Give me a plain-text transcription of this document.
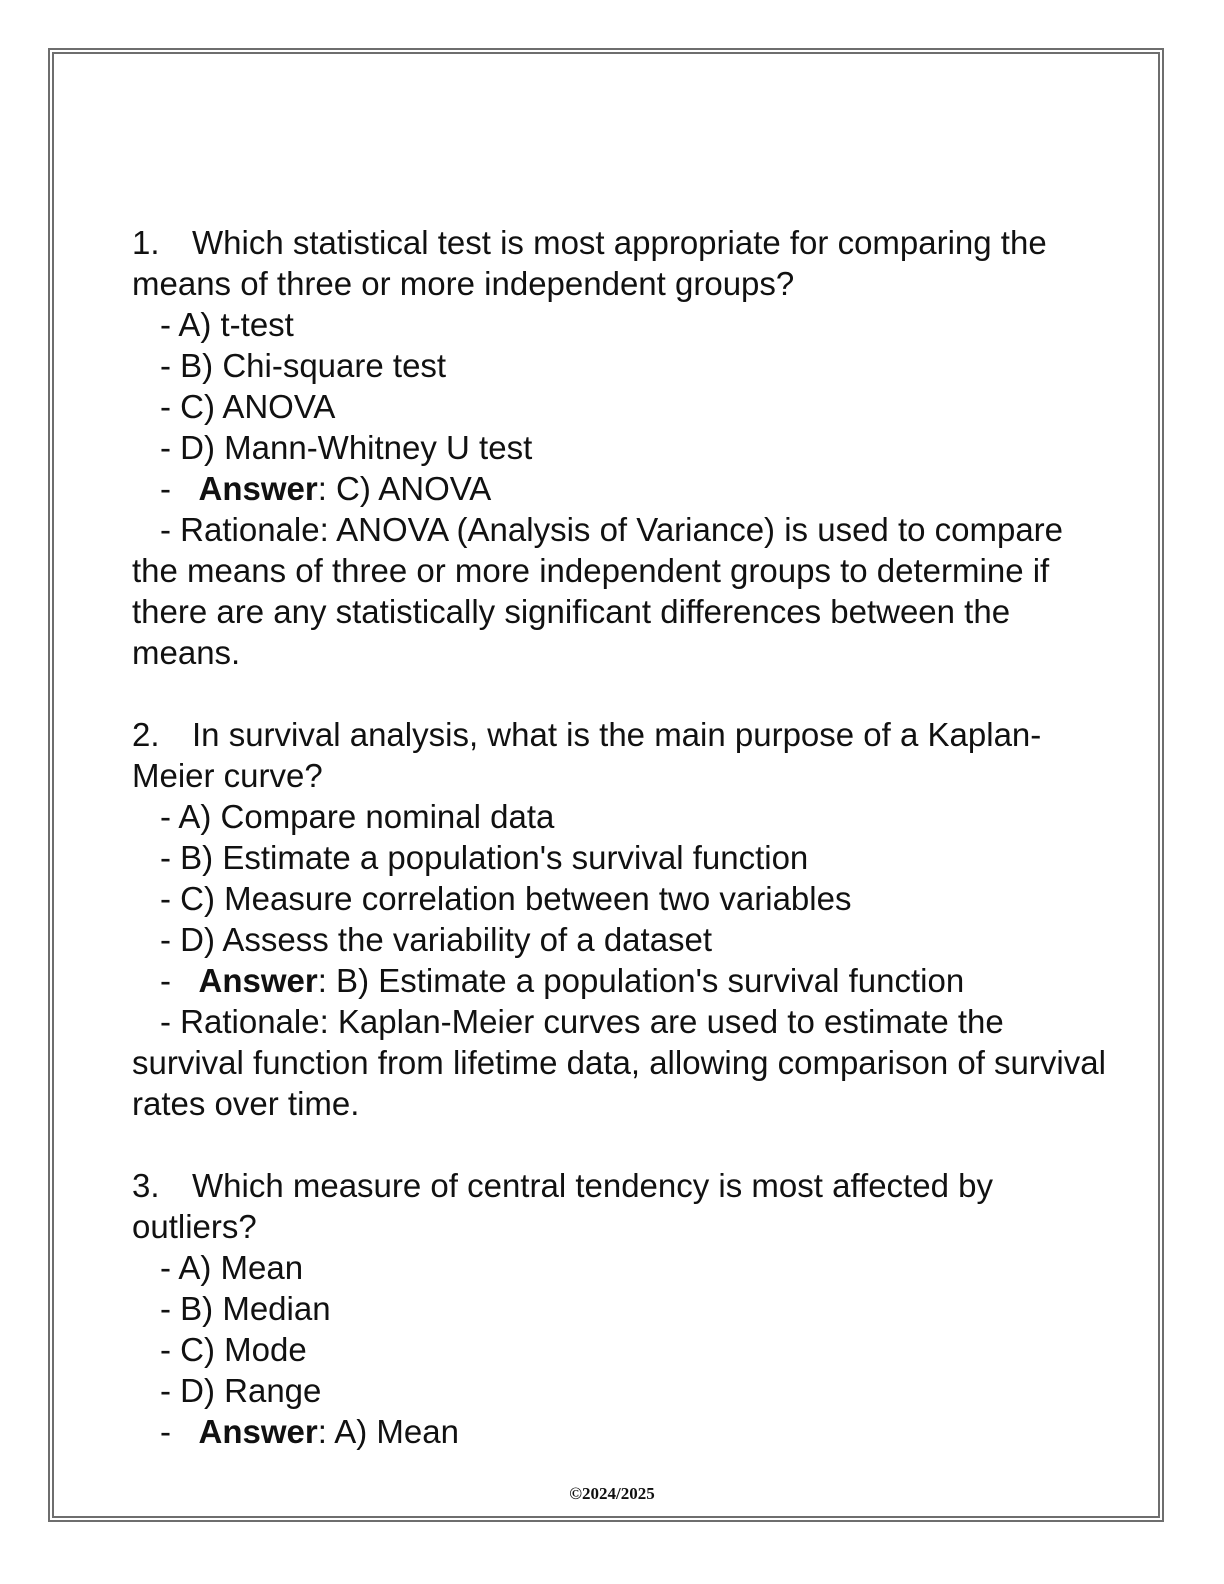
1. Which statistical test is most appropriate for comparing the means of three or more independent groups?

- A) t-test

- B) Chi-square test

- C) ANOVA

- D) Mann-Whitney U test

-   Answer: C) ANOVA

- Rationale: ANOVA (Analysis of Variance) is used to compare the means of three or more independent groups to determine if there are any statistically significant differences between the means.

2. In survival analysis, what is the main purpose of a Kaplan-Meier curve?

- A) Compare nominal data

- B) Estimate a population's survival function

- C) Measure correlation between two variables

- D) Assess the variability of a dataset

-   Answer: B) Estimate a population's survival function

- Rationale: Kaplan-Meier curves are used to estimate the survival function from lifetime data, allowing comparison of survival rates over time.

3. Which measure of central tendency is most affected by outliers?

- A) Mean

- B) Median

- C) Mode

- D) Range

-   Answer: A) Mean

©2024/2025
